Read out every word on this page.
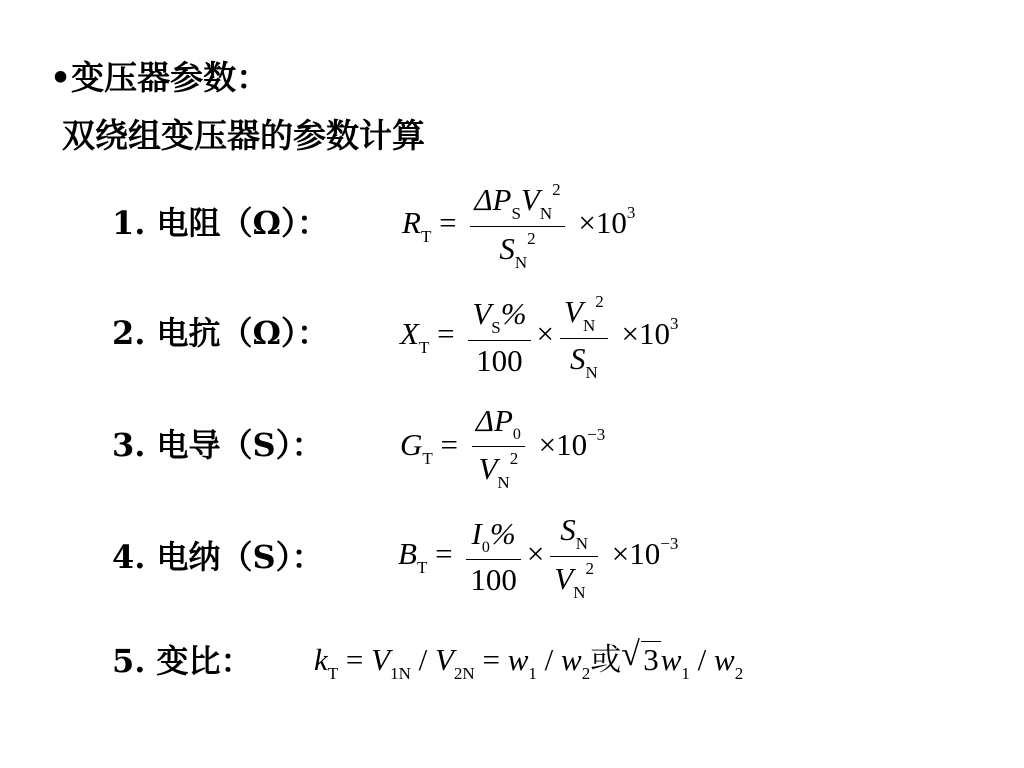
•变压器参数：
双绕组变压器的参数计算
1. 电阻（Ω）： $R_T = \frac{\Delta P_SV_N^2}{S_N^2} \times 10^3$
2. 电抗（Ω）： $X_T = \frac{V_S\%}{100} \times \frac{V_N^2}{S_N} \times 10^3$
3. 电导（S）： $G_T = \frac{\Delta P_0}{V_N^2} \times 10^{-3}$
4. 电纳（S）： $B_T = \frac{I_0\%}{100} \times \frac{S_N}{V_N^2} \times 10^{-3}$
5. 变比： $k_T = V_{1N} / V_{2N} = w_1 / w_2$或 √ $3w_1 / w_2$
